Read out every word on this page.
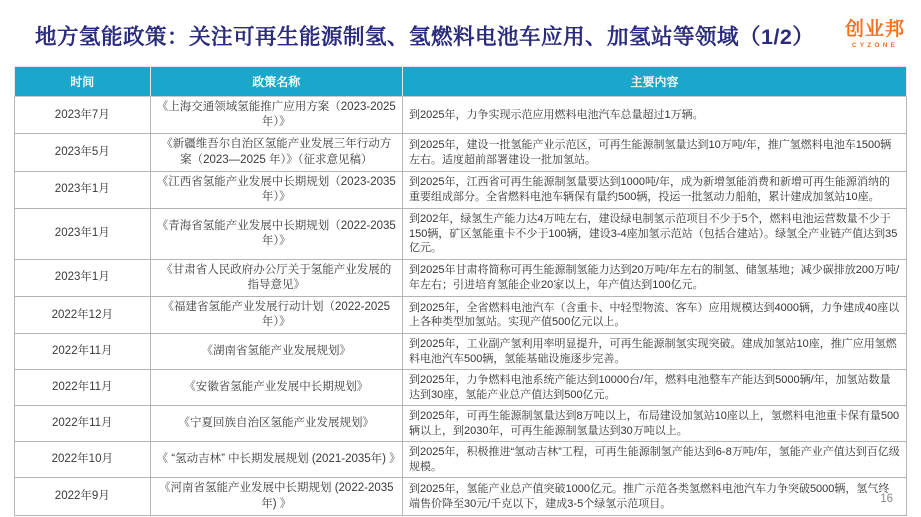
地方氢能政策：关注可再生能源制氢、氢燃料电池车应用、加氢站等领域（1/2） 创业邦
CYZONE
时间	政策名称	主要内容
2023年7月	《上海交通领域氢能推广应用方案（2023-2025年）》	到2025年，力争实现示范应用燃料电池汽车总量超过1万辆。
2023年5月	《新疆维吾尔自治区氢能产业发展三年行动方案（2023—2025 年）》（征求意见稿）	到2025年，建设一批氢能产业示范区，可再生能源制氢量达到10万吨/年，推广氢燃料电池车1500辆左右。适度超前部署建设一批加氢站。
2023年1月	《江西省氢能产业发展中长期规划（2023-2035年）》	到2025年，江西省可再生能源制氢量要达到1000吨/年，成为新增氢能消费和新增可再生能源消纳的重要组成部分。全省燃料电池车辆保有量约500辆，投运一批氢动力船舶，累计建成加氢站10座。
2023年1月	《青海省氢能产业发展中长期规划（2022-2035年）》	到202年，绿氢生产能力达4万吨左右，建设绿电制氢示范项目不少于5个，燃料电池运营数量不少于150辆，矿区氢能重卡不少于100辆，建设3-4座加氢示范站（包括合建站）。绿氢全产业链产值达到35亿元。
2023年1月	《甘肃省人民政府办公厅关于氢能产业发展的指导意见》	到2025年甘肃将简称可再生能源制氢能力达到20万吨/年左右的制氢、储氢基地；减少碳排放200万吨/年左右；引进培育氢能企业20家以上，年产值达到100亿元。
2022年12月	《福建省氢能产业发展行动计划（2022-2025年）》	到2025年，全省燃料电池汽车（含重卡、中轻型物流、客车）应用规模达到4000辆，力争建成40座以上各种类型加氢站。实现产值500亿元以上。
2022年11月	《湖南省氢能产业发展规划》	到2025年，工业副产氢利用率明显提升，可再生能源制氢实现突破。建成加氢站10座，推广应用氢燃料电池汽车500辆，氢能基础设施逐步完善。
2022年11月	《安徽省氢能产业发展中长期规划》	到2025年，力争燃料电池系统产能达到10000台/年，燃料电池整车产能达到5000辆/年，加氢站数量达到30座，氢能产业总产值达到500亿元。
2022年11月	《宁夏回族自治区氢能产业发展规划》	到2025年，可再生能源制氢量达到8万吨以上，布局建设加氢站10座以上，氢燃料电池重卡保有量500辆以上，到2030年，可再生能源制氢量达到30万吨以上。
2022年10月	《 “氢动吉林” 中长期发展规划 (2021-2035年) 》	到2025年，积极推进“氢动吉林”工程，可再生能源制氢产能达到6-8万吨/年，氢能产业产值达到百亿级规模。
2022年9月	《河南省氢能产业发展中长期规划 (2022-2035年) 》	到2025年，氢能产业总产值突破1000亿元。推广示范各类氢燃料电池汽车力争突破5000辆，氢气终端售价降至30元/千克以下，建成3-5个绿氢示范项目。	16
